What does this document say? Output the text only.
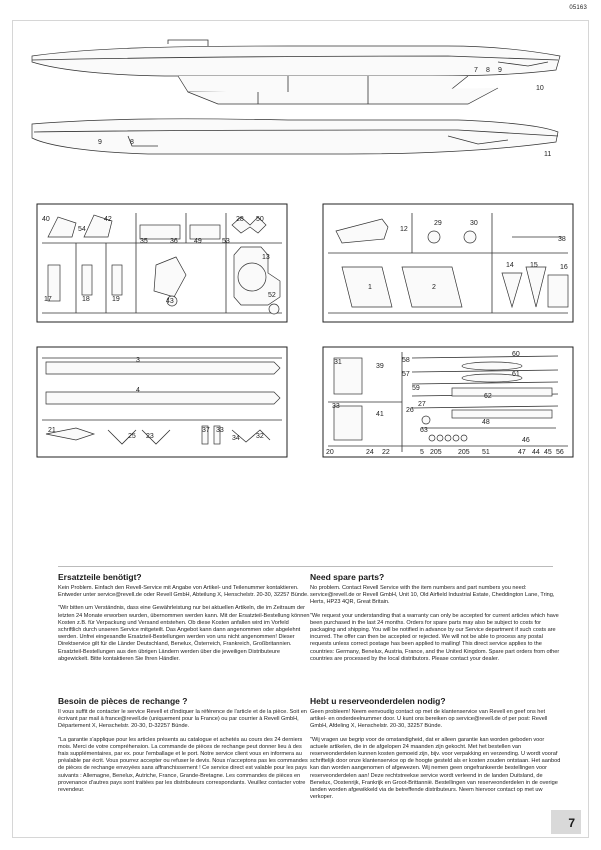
05163
10
9
8
7
11
9	8
40
54
42	28 50
35	36 49	53
17	18	19	43
13
52
12
29	30
38
1	2
14 15	16
3
4
21
25 23
37 33
34 32
31
39
58
57
60
61
59
62
26
27
48
63
46
33
41
24 22
20	5 205 205 51	47 44 45 56
Ersatzteile benötigt?

Kein Problem. Einfach den Revell-Service mit Angabe von Artikel- und Teilenummer kontaktieren. Entweder unter service@revell.de oder Revell GmbH, Abteilung X, Henschelstr. 20-30, 32257 Bünde.

"Wir bitten um Verständnis, dass eine Gewährleistung nur bei aktuellen Artikeln, die im Zeitraum der letzten 24 Monate erworben wurden, übernommen werden kann. Mit der Ersatzteil-Bestellung können Kosten z.B. für Verpackung und Versand entstehen. Ob diese Kosten anfallen wird im Vorfeld schriftlich durch unseren Service mitgeteilt. Das Angebot kann dann angenommen oder abgelehnt werden. Unfrei eingesandte Ersatzteil-Bestellungen werden von uns nicht angenommen! Dieser Direktservice gilt für die Länder Deutschland, Benelux, Österreich, Frankreich, Großbritannien. Ersatzteil-Bestellungen aus den übrigen Ländern werden über die jeweiligen Distributeure abgewickelt. Bitte kontaktieren Sie Ihren Händler.

Need spare parts?

No problem. Contact Revell Service with the item numbers and part numbers you need: service@revell.de or Revell GmbH, Unit 10, Old Airfield Industrial Estate, Cheddington Lane, Tring, Herts, HP23 4QR, Great Britain.

"We request your understanding that a warranty can only be accepted for current articles which have been purchased in the last 24 months. Orders for spare parts may also be subject to costs for packaging and shipping. You will be notified in advance by our Service department if such costs are incurred. The offer can then be accepted or rejected. We will not be able to process any postal requests unless correct postage has been applied to mailing! This direct service applies to the countries: Germany, Benelux, Austria, France, and the United Kingdom. Spare part orders from other countries are processed by the local distributors. Please contact your dealer.

Besoin de pièces de rechange ?

Il vous suffit de contacter le service Revell et d'indiquer la référence de l'article et de la pièce. Soit en écrivant par mail à france@revell.de (uniquement pour la France) ou par courrier à Revell GmbH, Département X, Henschelstr. 20-30, D-32257 Bünde.

"La garantie s'applique pour les articles présents au catalogue et achetés au cours des 24 derniers mois. Merci de votre compréhension. La commande de pièces de rechange peut donner lieu à des frais supplémentaires, par ex. pour l'emballage et le port. Notre service client vous en informera au préalable par écrit. Vous pourrez accepter ou refuser le devis. Nous n'acceptons pas les commandes de pièces de rechange envoyées sans affranchissement ! Ce service direct est valable pour les pays suivants : Allemagne, Benelux, Autriche, France, Grande-Bretagne. Les commandes de pièces en provenance d'autres pays sont traitées par les distributeurs correspondants. Veuillez contacter votre revendeur.

Hebt u reserveonderdelen nodig?

Geen probleem! Neem eenvoudig contact op met de klantenservice van Revell en geef ons het artikel- en onderdeelnummer door. U kunt ons bereiken op service@revell.de of per post: Revell GmbH, Afdeling X, Henschelstr. 20-30, 32257 Bünde.

"Wij vragen uw begrip voor de omstandigheid, dat er alleen garantie kan worden geboden voor actuele artikelen, die in de afgelopen 24 maanden zijn gekocht. Met het bestellen van reserveonderdelen kunnen kosten gemoeid zijn, bijv. voor verpakking en verzending. U wordt vooraf schriftelijk door onze klantenservice op de hoogte gesteld als er kosten zouden ontstaan. Het aanbod kan dan worden aangenomen of afgewezen. Wij nemen geen ongefrankeerde bestellingen voor reserveonderdelen aan! Deze rechtstreekse service wordt verleend in de landen Duitsland, de Benelux, Oostenrijk, Frankrijk en Groot-Brittannië. Bestellingen van reserveonderdelen in de overige landen worden afgewikkeld via de betreffende distributeurs. Neem hiervoor contact op met uw verkoper.

7
